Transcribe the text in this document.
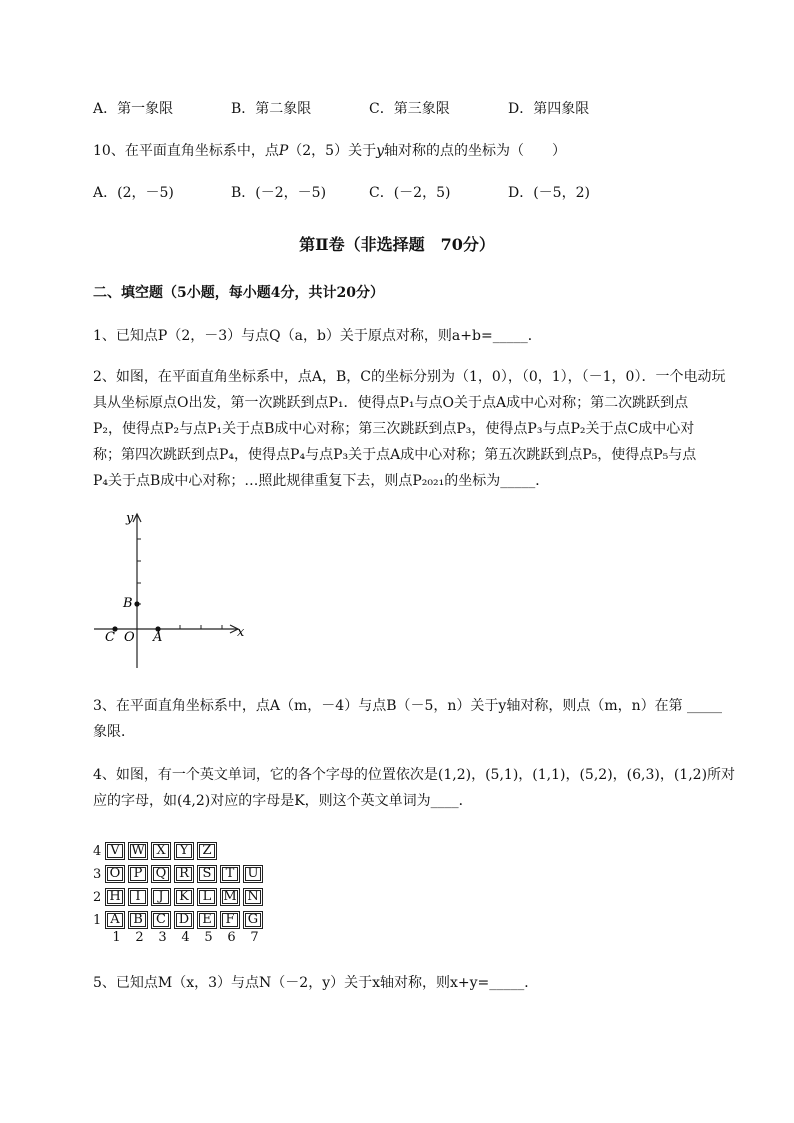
A．第一象限	B．第二象限	C．第三象限	D．第四象限
10、在平面直角坐标系中，点P（2，5）关于y轴对称的点的坐标为（　　）
A．(2，－5)	B．(－2，－5)	C．(－2，5)	D．(－5，2)
第Ⅱ卷（非选择题　70分）
二、填空题（5小题，每小题4分，共计20分）
1、已知点P（2，－3）与点Q（a，b）关于原点对称，则a+b=_____．
2、如图，在平面直角坐标系中，点A，B，C的坐标分别为（1，0），（0，1），（－1，0）．一个电动玩
具从坐标原点O出发，第一次跳跃到点P₁．使得点P₁与点O关于点A成中心对称；第二次跳跃到点
P₂，使得点P₂与点P₁关于点B成中心对称；第三次跳跃到点P₃，使得点P₃与点P₂关于点C成中心对
称；第四次跳跃到点P₄，使得点P₄与点P₃关于点A成中心对称；第五次跳跃到点P₅，使得点P₅与点
P₄关于点B成中心对称；…照此规律重复下去，则点P₂₀₂₁的坐标为_____．
y
x
B
C O A
3、在平面直角坐标系中，点A（m，－4）与点B（－5，n）关于y轴对称，则点（m，n）在第 _____
象限．
4、如图，有一个英文单词，它的各个字母的位置依次是(1,2)，(5,1)，(1,1)，(5,2)，(6,3)，(1,2)所对
应的字母，如(4,2)对应的字母是K，则这个英文单词为____．
4 V W X	Y	Z
3 O	P	Q R	S	T	U
2 H	I	J	K	L M N
1 A	B	C D	E	F	G
1	2	3	4	5	6	7
5、已知点M（x，3）与点N（－2，y）关于x轴对称，则x+y=_____．
